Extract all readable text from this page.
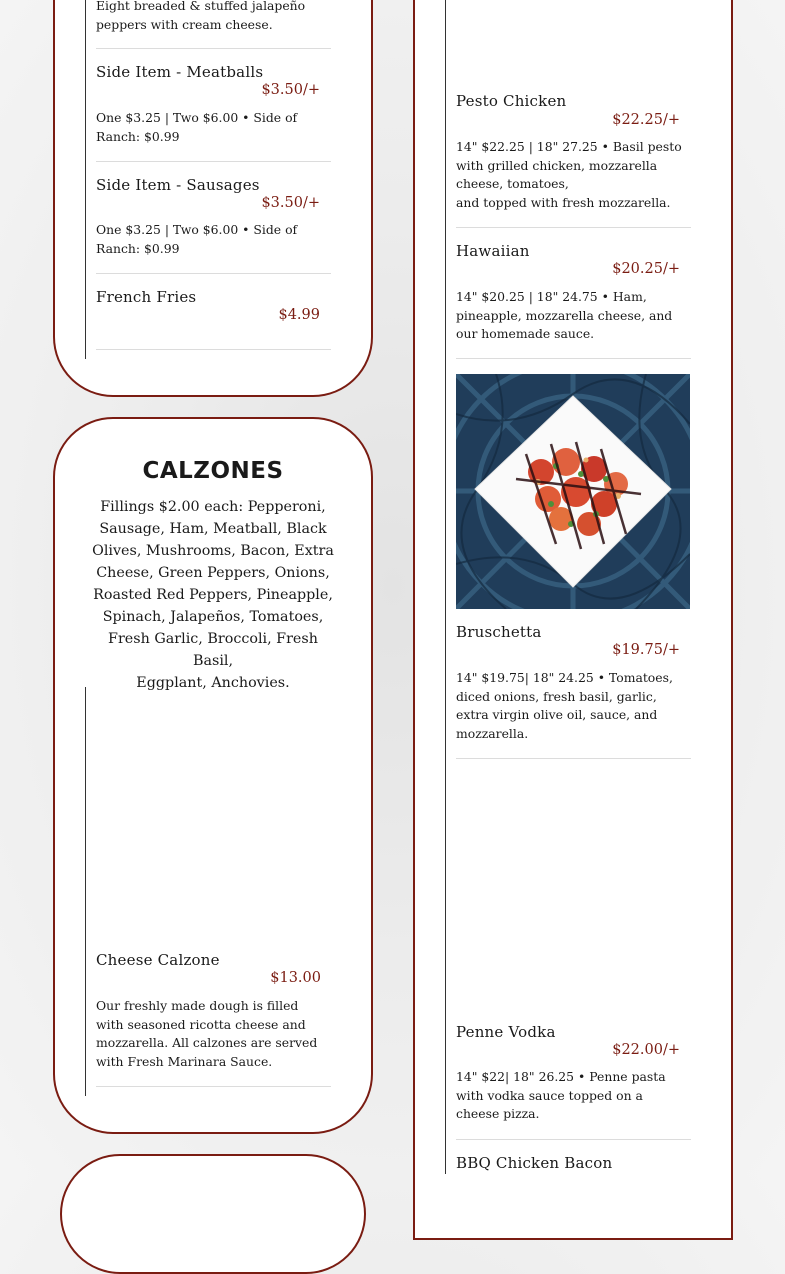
Eight breaded & stuffed jalapeño
peppers with cream cheese.
Side Item - Meatballs
$3.50/+
One $3.25 | Two $6.00 • Side of
Ranch: $0.99
Side Item - Sausages
$3.50/+
One $3.25 | Two $6.00 • Side of
Ranch: $0.99
French Fries
$4.99
CALZONES
Fillings $2.00 each: Pepperoni,
Sausage, Ham, Meatball, Black
Olives, Mushrooms, Bacon, Extra
Cheese, Green Peppers, Onions,
Roasted Red Peppers, Pineapple,
Spinach, Jalapeños, Tomatoes,
Fresh Garlic, Broccoli, Fresh Basil,
Eggplant, Anchovies.
Cheese Calzone
$13.00
Our freshly made dough is filled
with seasoned ricotta cheese and
mozzarella. All calzones are served
with Fresh Marinara Sauce.
Pesto Chicken
$22.25/+
14" $22.25 | 18" 27.25 • Basil pesto
with grilled chicken, mozzarella
cheese, tomatoes,
and topped with fresh mozzarella.
Hawaiian
$20.25/+
14" $20.25 | 18" 24.75 • Ham,
pineapple, mozzarella cheese, and
our homemade sauce.
Bruschetta
$19.75/+
14" $19.75| 18" 24.25 • Tomatoes,
diced onions, fresh basil, garlic,
extra virgin olive oil, sauce, and
mozzarella.
Penne Vodka
$22.00/+
14" $22| 18" 26.25 • Penne pasta
with vodka sauce topped on a
cheese pizza.
BBQ Chicken Bacon
